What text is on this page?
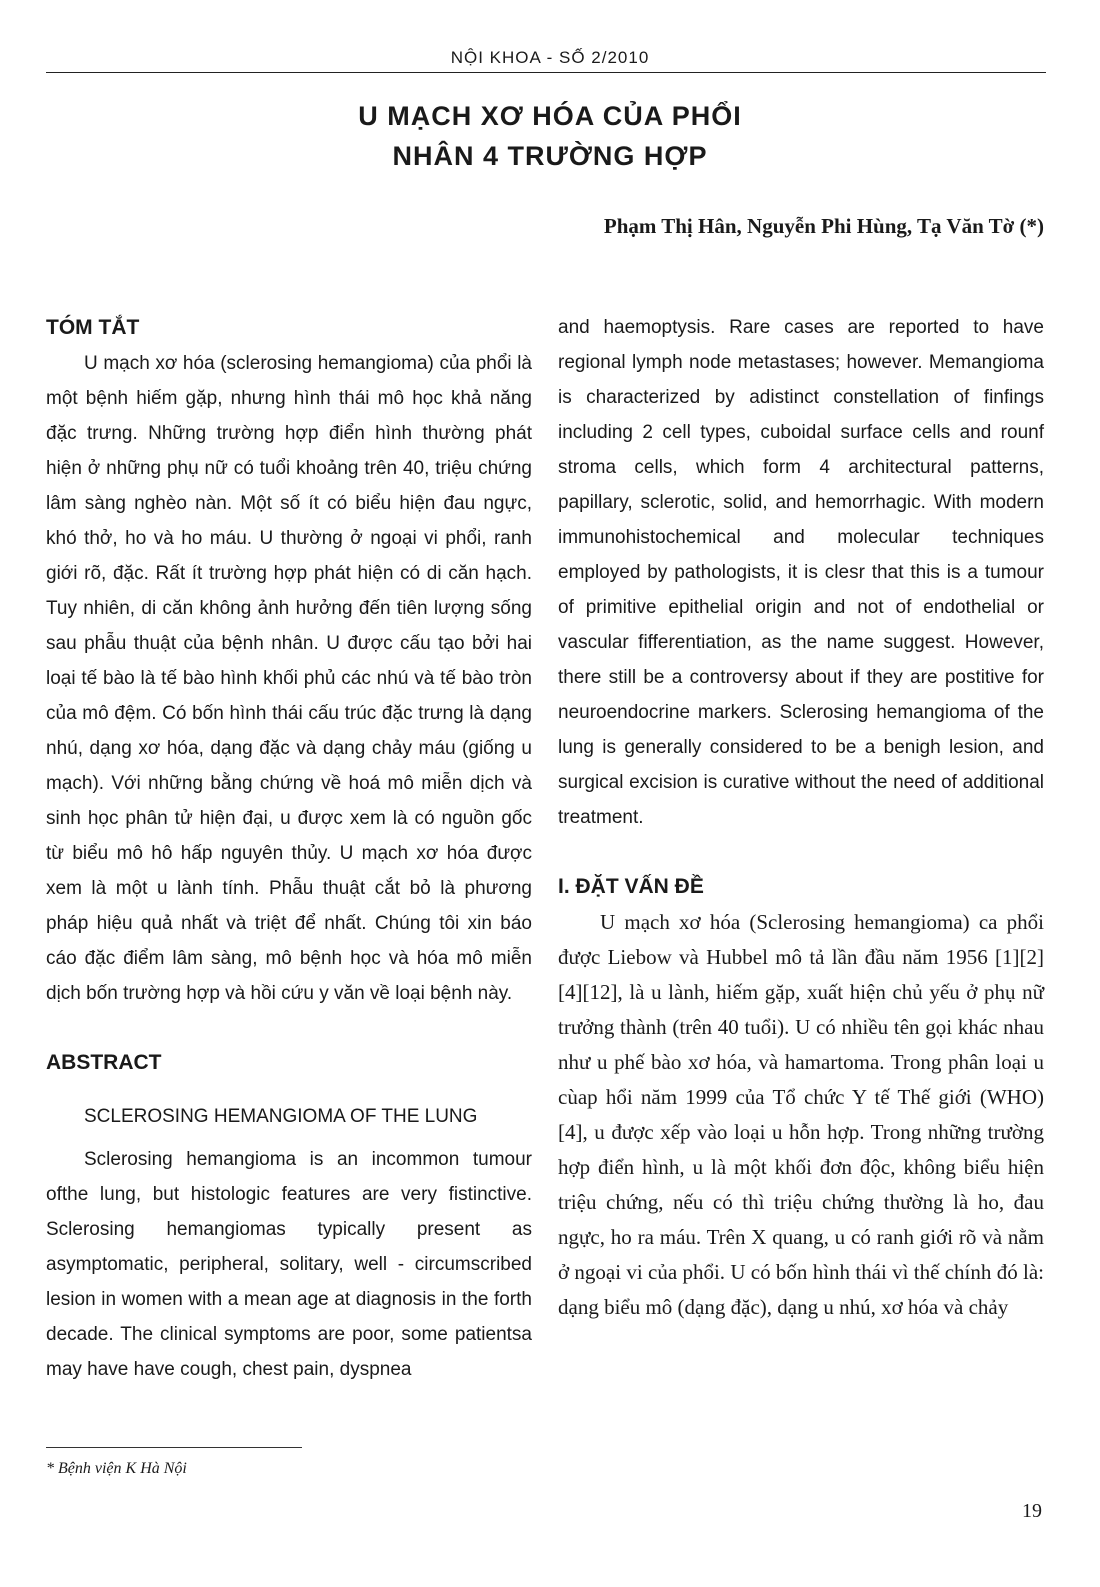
NỘI KHOA - SỐ 2/2010
U MẠCH XƠ HÓA CỦA PHỔI
NHÂN 4 TRƯỜNG HỢP
Phạm Thị Hân, Nguyễn Phi Hùng, Tạ Văn Tờ (*)
TÓM TẮT

U mạch xơ hóa (sclerosing hemangioma) của phổi là một bệnh hiếm gặp, nhưng hình thái mô học khả năng đặc trưng. Những trường hợp điển hình thường phát hiện ở những phụ nữ có tuổi khoảng trên 40, triệu chứng lâm sàng nghèo nàn. Một số ít có biểu hiện đau ngực, khó thở, ho và ho máu. U thường ở ngoại vi phổi, ranh giới rõ, đặc. Rất ít trường hợp phát hiện có di căn hạch. Tuy nhiên, di căn không ảnh hưởng đến tiên lượng sống sau phẫu thuật của bệnh nhân. U được cấu tạo bởi hai loại tế bào là tế bào hình khối phủ các nhú và tế bào tròn của mô đệm. Có bốn hình thái cấu trúc đặc trưng là dạng nhú, dạng xơ hóa, dạng đặc và dạng chảy máu (giống u mạch). Với những bằng chứng về hoá mô miễn dịch và sinh học phân tử hiện đại, u được xem là có nguồn gốc từ biểu mô hô hấp nguyên thủy. U mạch xơ hóa được xem là một u lành tính. Phẫu thuật cắt bỏ là phương pháp hiệu quả nhất và triệt để nhất. Chúng tôi xin báo cáo đặc điểm lâm sàng, mô bệnh học và hóa mô miễn dịch bốn trường hợp và hồi cứu y văn về loại bệnh này.

ABSTRACT

SCLEROSING HEMANGIOMA OF THE LUNG

Sclerosing hemangioma is an incommon tumour ofthe lung, but histologic features are very fistinctive. Sclerosing hemangiomas typically present as asymptomatic, peripheral, solitary, well - circumscribed lesion in women with a mean age at diagnosis in the forth decade. The clinical symptoms are poor, some patientsa may have have cough, chest pain, dyspnea

and haemoptysis. Rare cases are reported to have regional lymph node metastases; however. Memangioma is characterized by adistinct constellation of finfings including 2 cell types, cuboidal surface cells and rounf stroma cells, which form 4 architectural patterns, papillary, sclerotic, solid, and hemorrhagic. With modern immunohistochemical and molecular techniques employed by pathologists, it is clesr that this is a tumour of primitive epithelial origin and not of endothelial or vascular fifferentiation, as the name suggest. However, there still be a controversy about if they are postitive for neuroendocrine markers. Sclerosing hemangioma of the lung is generally considered to be a benigh lesion, and surgical excision is curative without the need of additional treatment.

I. ĐẶT VẤN ĐỀ

U mạch xơ hóa (Sclerosing hemangioma) ca phổi được Liebow và Hubbel mô tả lần đầu năm 1956 [1][2][4][12], là u lành, hiếm gặp, xuất hiện chủ yếu ở phụ nữ trưởng thành (trên 40 tuổi). U có nhiều tên gọi khác nhau như u phế bào xơ hóa, và hamartoma. Trong phân loại u cùap hổi năm 1999 của Tổ chức Y tế Thế giới (WHO) [4], u được xếp vào loại u hỗn hợp. Trong những trường hợp điển hình, u là một khối đơn độc, không biểu hiện triệu chứng, nếu có thì triệu chứng thường là ho, đau ngực, ho ra máu. Trên X quang, u có ranh giới rõ và nằm ở ngoại vi của phổi. U có bốn hình thái vì thế chính đó là: dạng biểu mô (dạng đặc), dạng u nhú, xơ hóa và chảy

* Bệnh viện K Hà Nội
19
